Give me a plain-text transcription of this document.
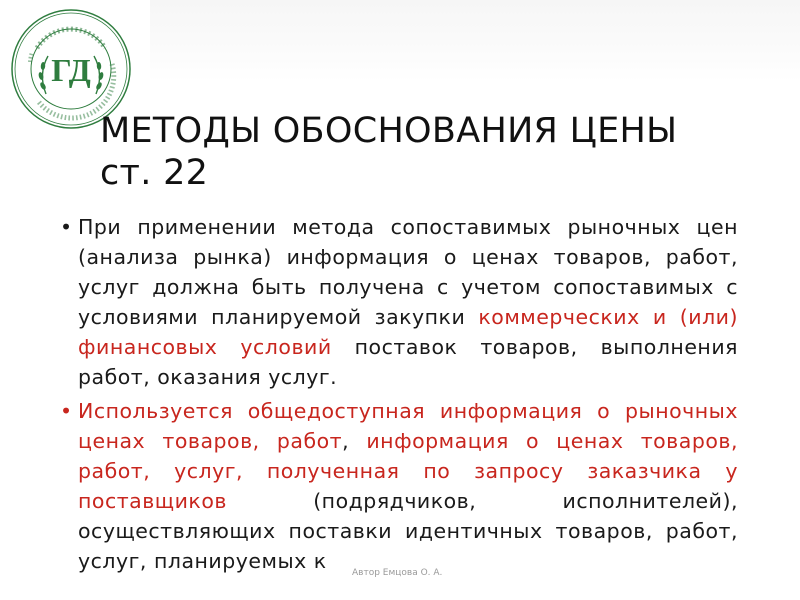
ГД
МЕТОДЫ ОБОСНОВАНИЯ ЦЕНЫ
ст. 22
• При применении метода сопоставимых рыночных цен (анализа рынка) информация о ценах товаров, работ, услуг должна быть получена с учетом сопоставимых с условиями планируемой закупки коммерческих и (или) финансовых условий поставок товаров, выполнения работ, оказания услуг.
• Используется общедоступная информация о рыночных ценах товаров, работ, информация о ценах товаров, работ, услуг, полученная по запросу заказчика у поставщиков (подрядчиков, исполнителей), осуществляющих поставки идентичных товаров, работ, услуг, планируемых к	Автор Емцова О. А.
